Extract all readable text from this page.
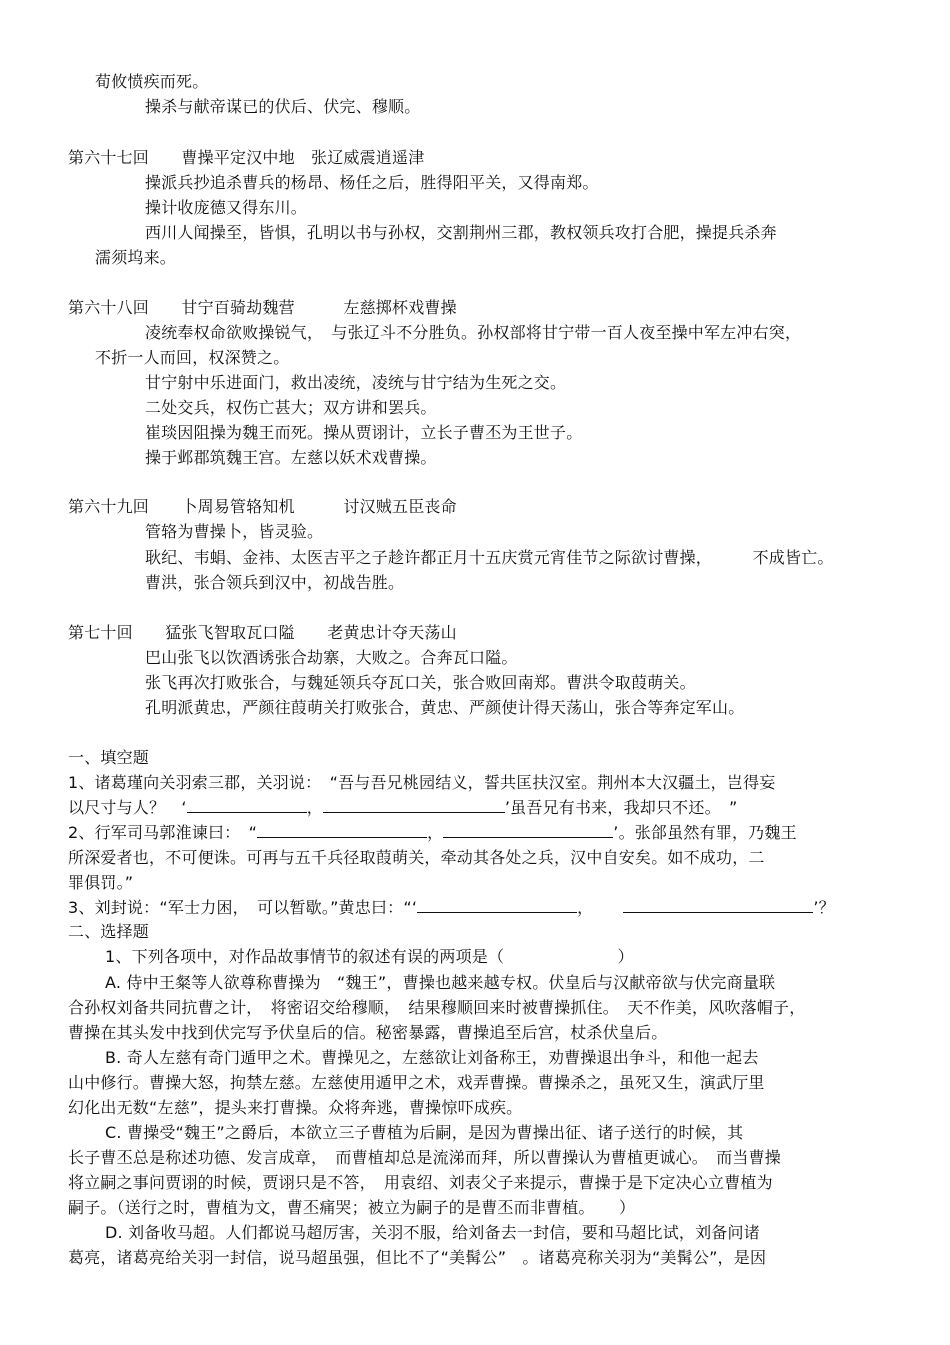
荀攸愤疾而死。
操杀与献帝谋已的伏后、伏完、穆顺。
第六十七回　　曹操平定汉中地　张辽威震逍遥津
操派兵抄追杀曹兵的杨昂、杨任之后，胜得阳平关，又得南郑。
操计收庞德又得东川。
西川人闻操至，皆惧，孔明以书与孙权，交割荆州三郡，教权领兵攻打合肥，操提兵杀奔
濡须坞来。
第六十八回　　甘宁百骑劫魏营　　　左慈掷杯戏曹操
凌统奉权命欲败操锐气，　与张辽斗不分胜负。孙权部将甘宁带一百人夜至操中军左冲右突，
不折一人而回，权深赞之。
甘宁射中乐进面门，救出凌统，凌统与甘宁结为生死之交。
二处交兵，权伤亡甚大；双方讲和罢兵。
崔琰因阻操为魏王而死。操从贾诩计，立长子曹丕为王世子。
操于邺郡筑魏王宫。左慈以妖术戏曹操。
第六十九回　　卜周易管辂知机　　　讨汉贼五臣丧命
管辂为曹操卜，皆灵验。
耿纪、韦蜎、金祎、太医吉平之子趁许都正月十五庆赏元宵佳节之际欲讨曹操，　　　不成皆亡。
曹洪，张合领兵到汉中，初战告胜。
第七十回　　猛张飞智取瓦口隘　　老黄忠计夺天荡山
巴山张飞以饮酒诱张合劫寨，大败之。合奔瓦口隘。
张飞再次打败张合，与魏延领兵夺瓦口关，张合败回南郑。曹洪令取葭萌关。
孔明派黄忠，严颜往葭萌关打败张合，黄忠、严颜使计得天荡山，张合等奔定军山。
一、填空题
1、诸葛瑾向关羽索三郡，关羽说：　“吾与吾兄桃园结义，誓共匡扶汉室。荆州本大汉疆土，岂得妄
以尺寸与人？　‘	，	’虽吾兄有书来，我却只不还。　”
2、行军司马郭淮谏曰：　“	，	’。张郃虽然有罪，乃魏王
所深爱者也，不可便诛。可再与五千兵径取葭萌关，牵动其各处之兵，汉中自安矣。如不成功，二
罪俱罚。”
3、刘封说：“军士力困，　可以暂歇。”黄忠曰：“‘	，	’？
二、选择题
1、下列各项中，对作品故事情节的叙述有误的两项是（　　　　　　　）
A. 侍中王粲等人欲尊称曹操为　“魏王”，曹操也越来越专权。伏皇后与汉献帝欲与伏完商量联
合孙权刘备共同抗曹之计，　将密诏交给穆顺，　结果穆顺回来时被曹操抓住。　天不作美，风吹落帽子，
曹操在其头发中找到伏完写予伏皇后的信。秘密暴露，曹操追至后宫，杖杀伏皇后。
B. 奇人左慈有奇门遁甲之术。曹操见之，左慈欲让刘备称王，劝曹操退出争斗，和他一起去
山中修行。曹操大怒，拘禁左慈。左慈使用遁甲之术，戏弄曹操。曹操杀之，虽死又生，演武厅里
幻化出无数“左慈”，提头来打曹操。众将奔逃，曹操惊吓成疾。
C. 曹操受“魏王”之爵后，本欲立三子曹植为后嗣，是因为曹操出征、诸子送行的时候，其
长子曹丕总是称述功德、发言成章，　而曹植却总是流涕而拜，所以曹操认为曹植更诚心。　而当曹操
将立嗣之事问贾诩的时候，贾诩只是不答，　用袁绍、刘表父子来提示，曹操于是下定决心立曹植为
嗣子。（送行之时，曹植为文，曹丕痛哭；被立为嗣子的是曹丕而非曹植。　　）
D. 刘备收马超。人们都说马超厉害，关羽不服，给刘备去一封信，要和马超比试，刘备问诸
葛亮，诸葛亮给关羽一封信，说马超虽强，但比不了“美髯公”　。诸葛亮称关羽为“美髯公”，是因
